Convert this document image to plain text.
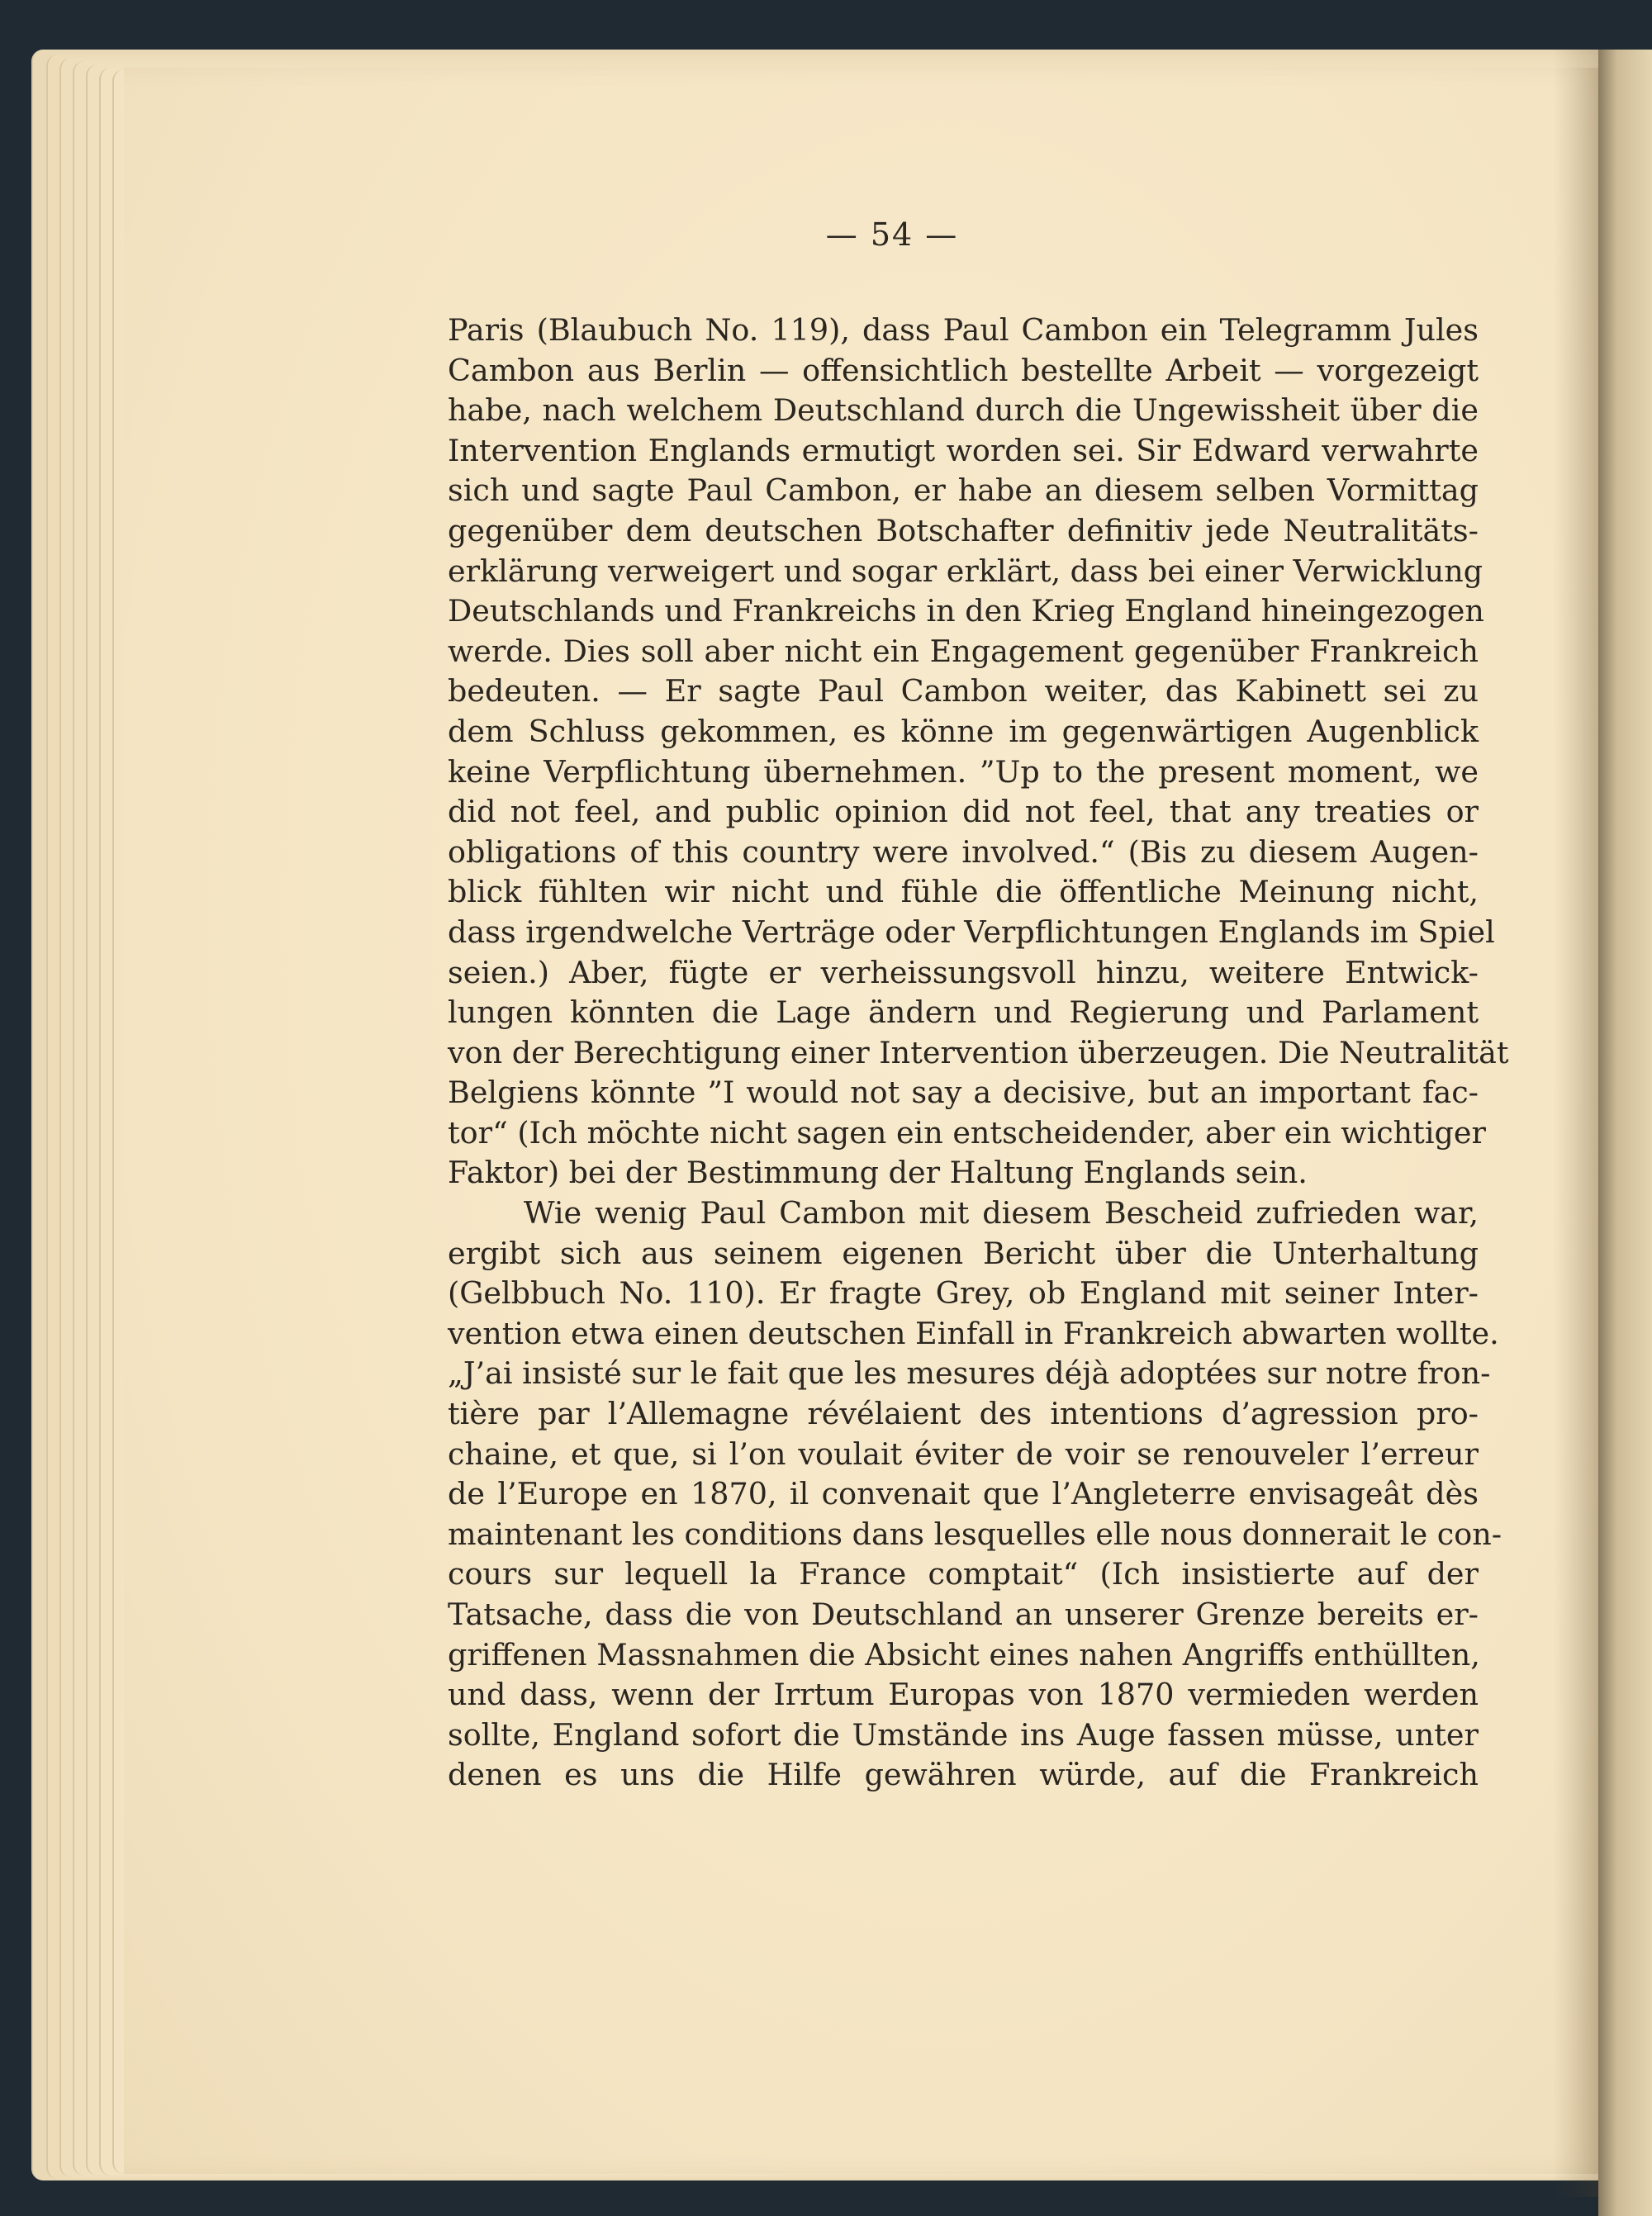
— 54 —
Paris (Blaubuch No. 119), dass Paul Cambon ein Telegramm Jules
Cambon aus Berlin — offensichtlich bestellte Arbeit — vorgezeigt
habe, nach welchem Deutschland durch die Ungewissheit über die
Intervention Englands ermutigt worden sei. Sir Edward verwahrte
sich und sagte Paul Cambon, er habe an diesem selben Vormittag
gegenüber dem deutschen Botschafter definitiv jede Neutralitäts-
erklärung verweigert und sogar erklärt, dass bei einer Verwicklung
Deutschlands und Frankreichs in den Krieg England hineingezogen
werde. Dies soll aber nicht ein Engagement gegenüber Frankreich
bedeuten. — Er sagte Paul Cambon weiter, das Kabinett sei zu
dem Schluss gekommen, es könne im gegenwärtigen Augenblick
keine Verpflichtung übernehmen. ”Up to the present moment, we
did not feel, and public opinion did not feel, that any treaties or
obligations of this country were involved.“ (Bis zu diesem Augen-
blick fühlten wir nicht und fühle die öffentliche Meinung nicht,
dass irgendwelche Verträge oder Verpflichtungen Englands im Spiel
seien.) Aber, fügte er verheissungsvoll hinzu, weitere Entwick-
lungen könnten die Lage ändern und Regierung und Parlament
von der Berechtigung einer Intervention überzeugen. Die Neutralität
Belgiens könnte ”I would not say a decisive, but an important fac-
tor“ (Ich möchte nicht sagen ein entscheidender, aber ein wichtiger
Faktor) bei der Bestimmung der Haltung Englands sein.
Wie wenig Paul Cambon mit diesem Bescheid zufrieden war,
ergibt sich aus seinem eigenen Bericht über die Unterhaltung
(Gelbbuch No. 110). Er fragte Grey, ob England mit seiner Inter-
vention etwa einen deutschen Einfall in Frankreich abwarten wollte.
„J’ai insisté sur le fait que les mesures déjà adoptées sur notre fron-
tière par l’Allemagne révélaient des intentions d’agression pro-
chaine, et que, si l’on voulait éviter de voir se renouveler l’erreur
de l’Europe en 1870, il convenait que l’Angleterre envisageât dès
maintenant les conditions dans lesquelles elle nous donnerait le con-
cours sur lequell la France comptait“ (Ich insistierte auf der
Tatsache, dass die von Deutschland an unserer Grenze bereits er-
griffenen Massnahmen die Absicht eines nahen Angriffs enthüllten,
und dass, wenn der Irrtum Europas von 1870 vermieden werden
sollte, England sofort die Umstände ins Auge fassen müsse, unter
denen es uns die Hilfe gewähren würde, auf die Frankreich
